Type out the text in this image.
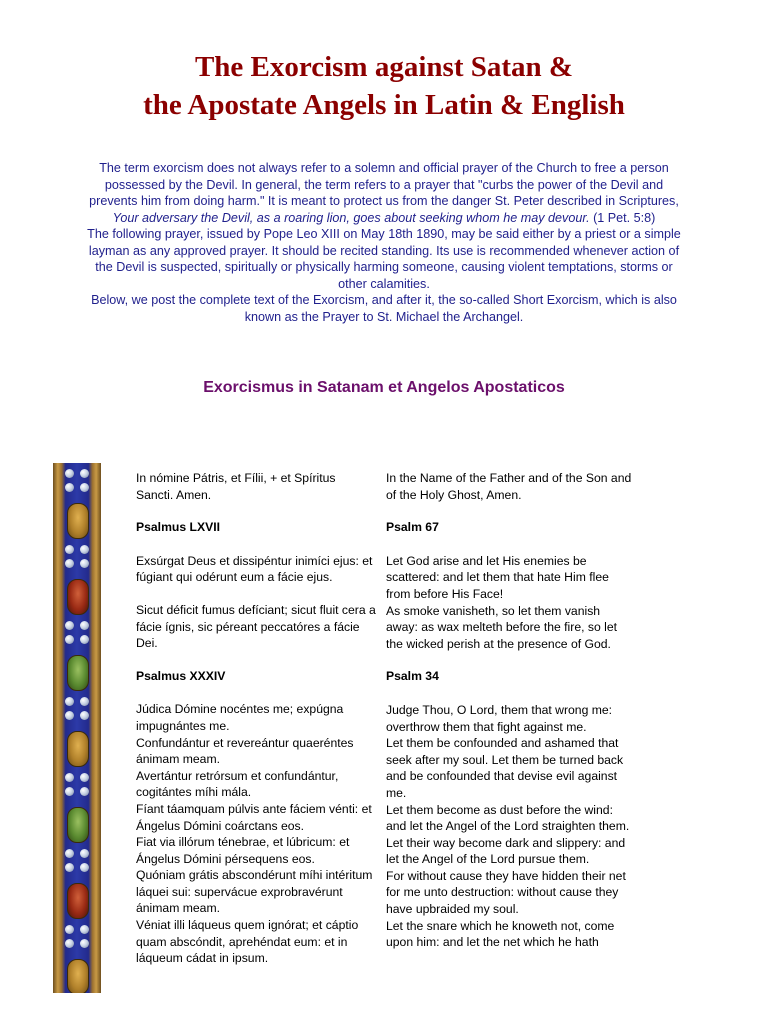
The Exorcism against Satan &
the Apostate Angels in Latin & English

The term exorcism does not always refer to a solemn and official prayer of the Church to free a person possessed by the Devil. In general, the term refers to a prayer that "curbs the power of the Devil and prevents him from doing harm." It is meant to protect us from the danger St. Peter described in Scriptures, Your adversary the Devil, as a roaring lion, goes about seeking whom he may devour. (1 Pet. 5:8)

The following prayer, issued by Pope Leo XIII on May 18th 1890, may be said either by a priest or a simple layman as any approved prayer. It should be recited standing. Its use is recommended whenever action of the Devil is suspected, spiritually or physically harming someone, causing violent temptations, storms or other calamities.

Below, we post the complete text of the Exorcism, and after it, the so-called Short Exorcism, which is also known as the Prayer to St. Michael the Archangel.

Exorcismus in Satanam et Angelos Apostaticos

In nómine Pátris, et Fílii, + et Spíritus Sancti. Amen.

Psalmus LXVII

Exsúrgat Deus et dissipéntur inimíci ejus: et fúgiant qui odérunt eum a fácie ejus.

Sicut déficit fumus defíciant; sicut fluit cera a fácie ígnis, sic péreant peccatóres a fácie Dei.

Psalmus XXXIV

Júdica Dómine nocéntes me; expúgna impugnántes me.

Confundántur et revereántur quaeréntes ánimam meam.

Avertántur retrórsum et confundántur, cogitántes míhi mála.

Fíant táamquam púlvis ante fáciem vénti: et Ángelus Dómini coárctans eos.

Fiat via illórum ténebrae, et lúbricum: et Ángelus Dómini pérsequens eos.

Quóniam grátis abscondérunt míhi intéritum láquei sui: supervácue exprobravérunt ánimam meam.

Véniat illi láqueus quem ignórat; et cáptio quam abscóndit, aprehéndat eum: et in láqueum cádat in ipsum.

In the Name of the Father and of the Son and of the Holy Ghost, Amen.

Psalm 67

Let God arise and let His enemies be scattered: and let them that hate Him flee from before His Face!

As smoke vanisheth, so let them vanish away: as wax melteth before the fire, so let the wicked perish at the presence of God.

Psalm 34

Judge Thou, O Lord, them that wrong me: overthrow them that fight against me.

Let them be confounded and ashamed that seek after my soul. Let them be turned back and be confounded that devise evil against me.

Let them become as dust before the wind: and let the Angel of the Lord straighten them.

Let their way become dark and slippery: and let the Angel of the Lord pursue them.

For without cause they have hidden their net for me unto destruction: without cause they have upbraided my soul.

Let the snare which he knoweth not, come upon him: and let the net which he hath
